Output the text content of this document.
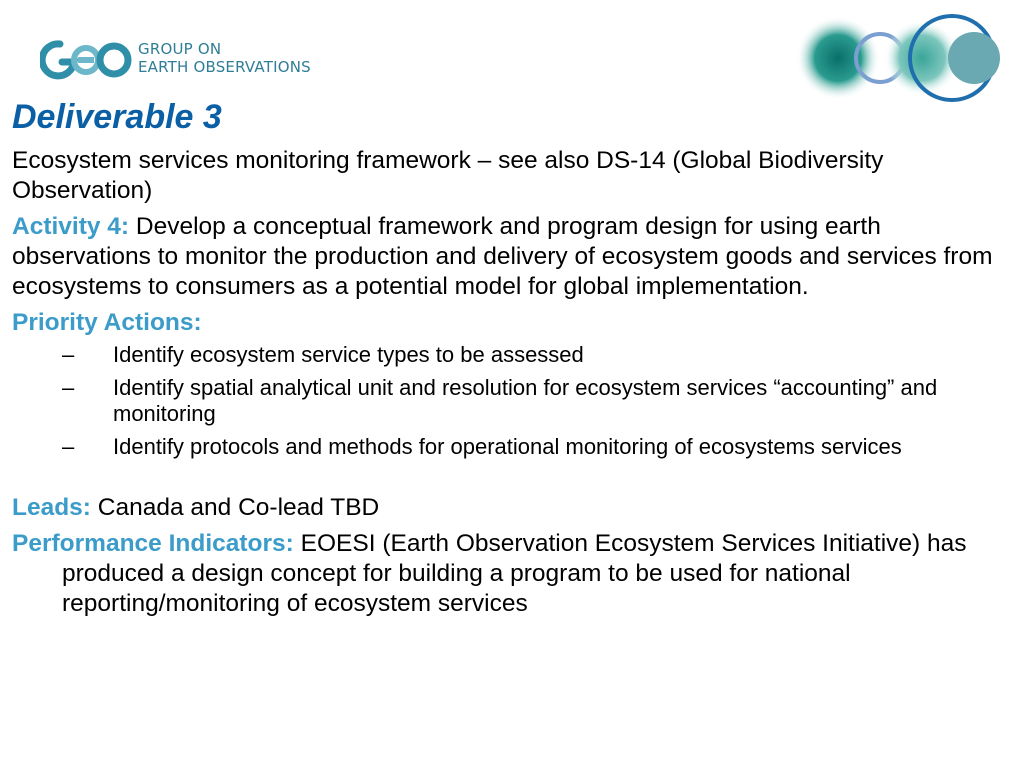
GROUP ON
EARTH OBSERVATIONS
Deliverable 3

Ecosystem services monitoring framework – see also DS-14 (Global Biodiversity Observation)

Activity 4: Develop a conceptual framework and program design for using earth observations to monitor the production and delivery of ecosystem goods and services from ecosystems to consumers as a potential model for global implementation.

Priority Actions:

– Identify ecosystem service types to be assessed
– Identify spatial analytical unit and resolution for ecosystem services “accounting” and monitoring
– Identify protocols and methods for operational monitoring of ecosystems services

Leads: Canada and Co-lead TBD

Performance Indicators: EOESI (Earth Observation Ecosystem Services Initiative) has produced a design concept for building a program to be used for national reporting/monitoring of ecosystem services
